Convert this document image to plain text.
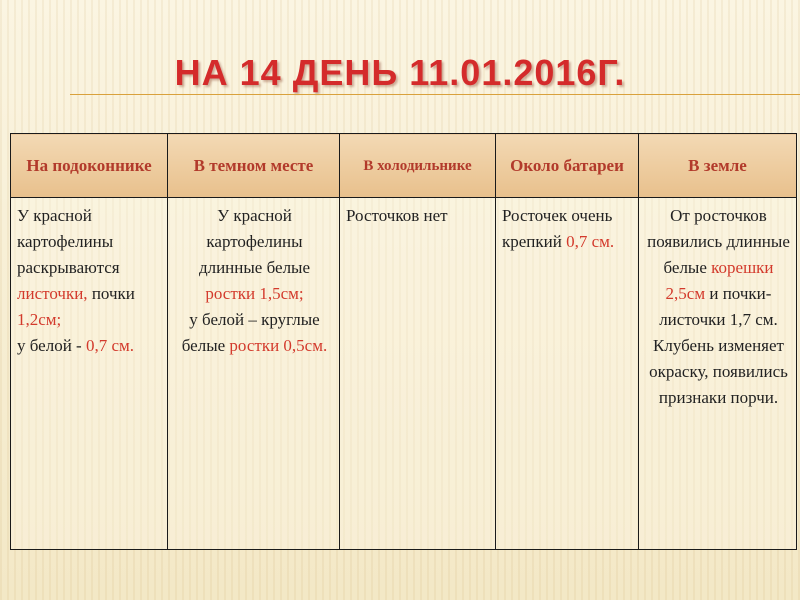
НА 14 ДЕНЬ 11.01.2016Г.
На подоконнике	В темном месте	В холодильнике	Около батареи	В земле

У красной картофелины раскрываются листочки, почки 1,2см;
у белой - 0,7 см.	У красной картофелины длинные белые ростки 1,5см;
у белой – круглые белые ростки 0,5см.	Росточков нет	Росточек очень
крепкий 0,7 см.	От росточков появились длинные белые корешки 2,5см и почки-листочки 1,7 см.
Клубень изменяет окраску, появились признаки порчи.
